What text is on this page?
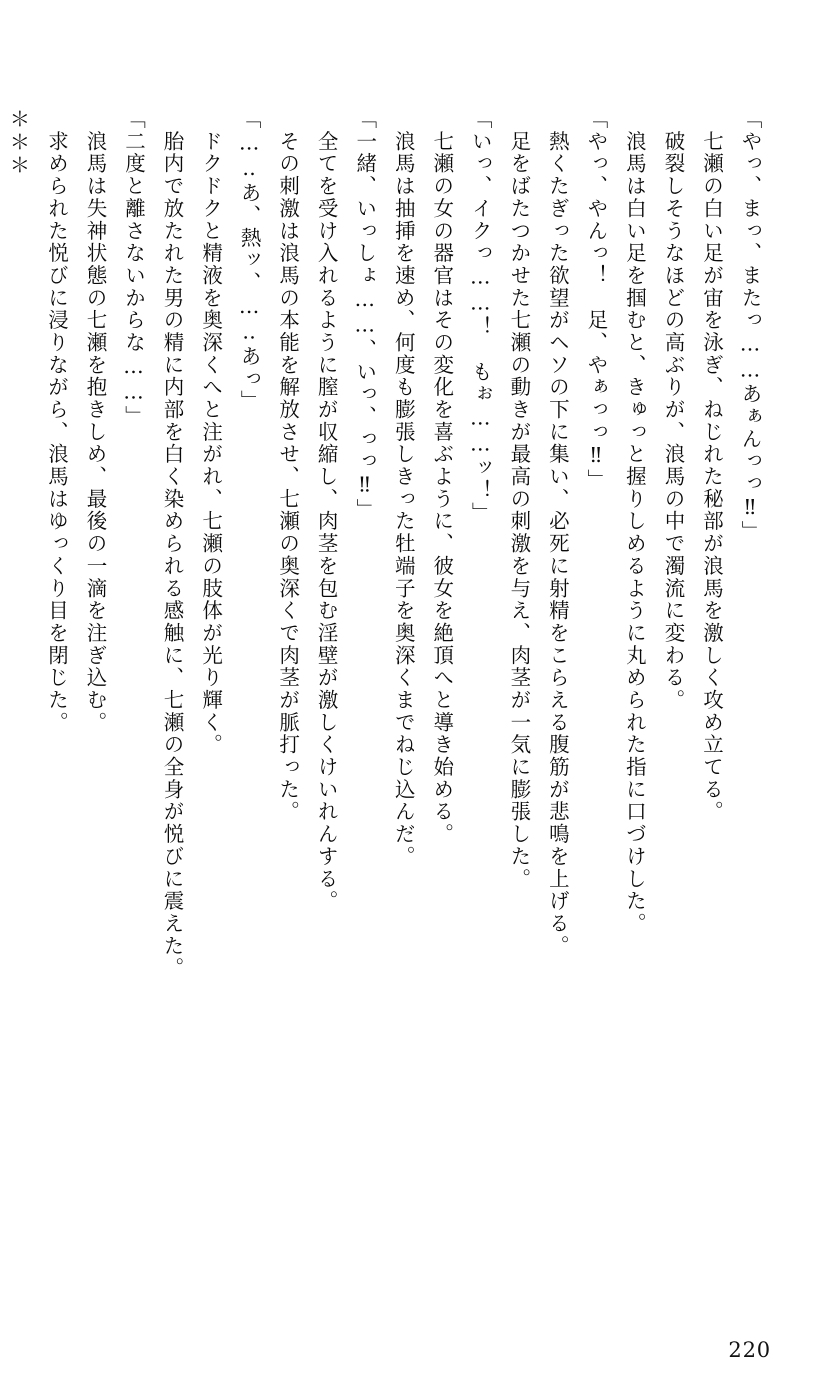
「やっ、まっ、またっ……あぁんっっ‼」

　七瀬の白い足が宙を泳ぎ、ねじれた秘部が浪馬を激しく攻め立てる。

　破裂しそうなほどの高ぶりが、浪馬の中で濁流に変わる。

　浪馬は白い足を掴むと、きゅっと握りしめるように丸められた指に口づけした。

「やっ、やんっ！　足、やぁっっ‼」

　熱くたぎった欲望がヘソの下に集い、必死に射精をこらえる腹筋が悲鳴を上げる。

　足をばたつかせた七瀬の動きが最高の刺激を与え、肉茎が一気に膨張した。

「いっ、イクっ……！　もぉ……ッ！」

　七瀬の女の器官はその変化を喜ぶように、彼女を絶頂へと導き始める。

　浪馬は抽挿を速め、何度も膨張しきった牡端子を奥深くまでねじ込んだ。

「一緒、いっしょ……、いっ、っっ‼」

　全てを受け入れるように膣が収縮し、肉茎を包む淫壁が激しくけいれんする。

　その刺激は浪馬の本能を解放させ、七瀬の奥深くで肉茎が脈打った。

「…‥あ、熱ッ、…‥あっ」

　ドクドクと精液を奥深くへと注がれ、七瀬の肢体が光り輝く。

　胎内で放たれた男の精に内部を白く染められる感触に、七瀬の全身が悦びに震えた。

「二度と離さないからな……」

　浪馬は失神状態の七瀬を抱きしめ、最後の一滴を注ぎ込む。

　求められた悦びに浸りながら、浪馬はゆっくり目を閉じた。

＊＊＊

220
